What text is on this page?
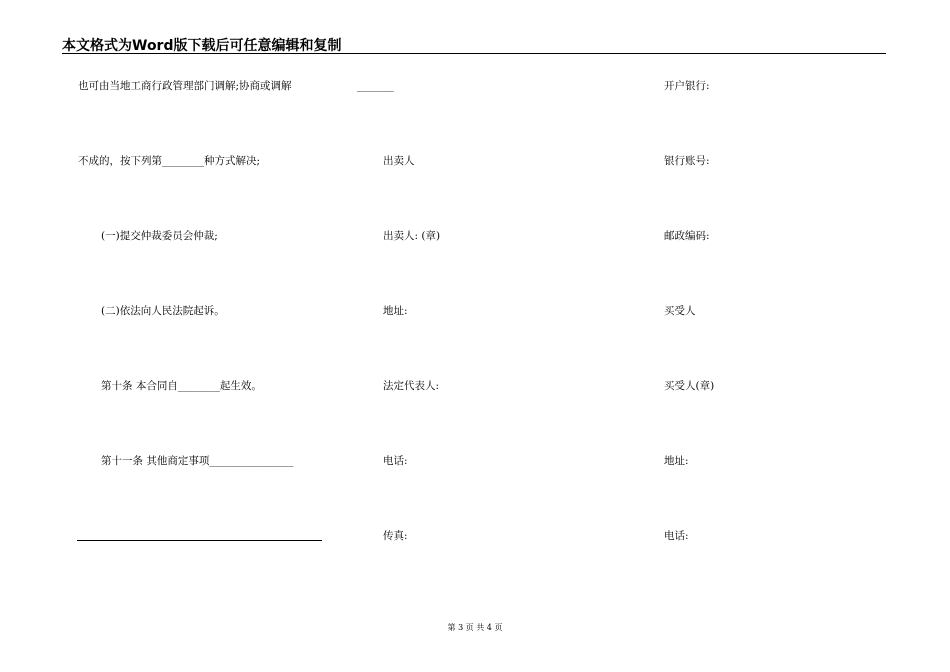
本文格式为Word版下载后可任意编辑和复制
也可由当地工商行政管理部门调解;协商或调解
不成的，按下列第________种方式解决;
(一)提交仲裁委员会仲裁;
(二)依法向人民法院起诉。
第十条 本合同自________起生效。
第十一条 其他商定事项________________
_______
出卖人
出卖人: (章)
地址:
法定代表人:
电话:
传真:
开户银行:
银行账号:
邮政编码:
买受人
买受人(章)
地址:
电话:
第 3 页 共 4 页
